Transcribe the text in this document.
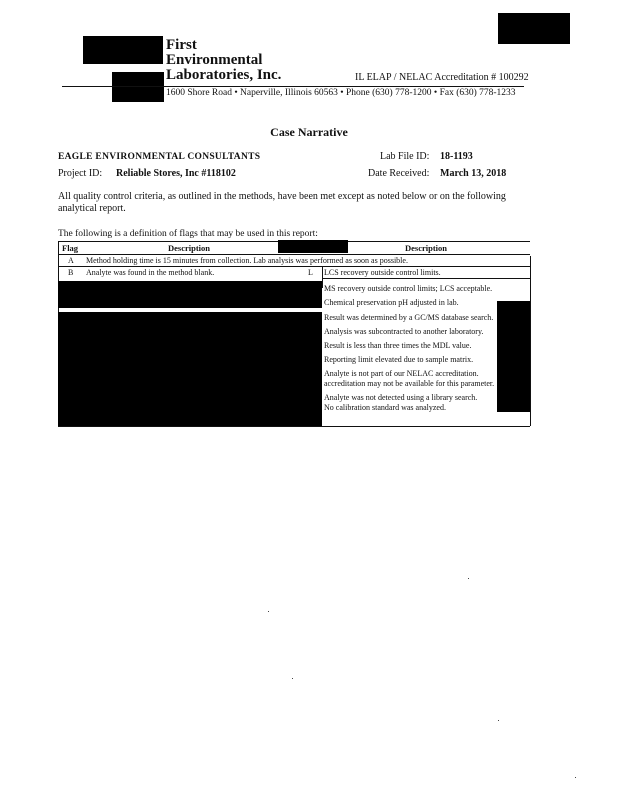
First
Environmental
Laboratories, Inc.	IL ELAP / NELAC Accreditation # 100292
1600 Shore Road • Naperville, Illinois 60563 • Phone (630) 778-1200 • Fax (630) 778-1233
Case Narrative
EAGLE ENVIRONMENTAL CONSULTANTS	Lab File ID: 18-1193
Project ID: Reliable Stores, Inc #118102	Date Received: March 13, 2018
All quality control criteria, as outlined in the methods, have been met except as noted below or on the following analytical report.
The following is a definition of flags that may be used in this report:
Flag	Description	Description
A Method holding time is 15 minutes from collection. Lab analysis was performed as soon as possible.
B Analyte was found in the method blank.	L LCS recovery outside control limits.
MS recovery outside control limits; LCS acceptable.
Chemical preservation pH adjusted in lab.
Result was determined by a GC/MS database search.
Analysis was subcontracted to another laboratory.
Result is less than three times the MDL value.
Reporting limit elevated due to sample matrix.
Analyte is not part of our NELAC accreditation.
accreditation may not be available for this parameter.
Analyte was not detected using a library search.
No calibration standard was analyzed.
